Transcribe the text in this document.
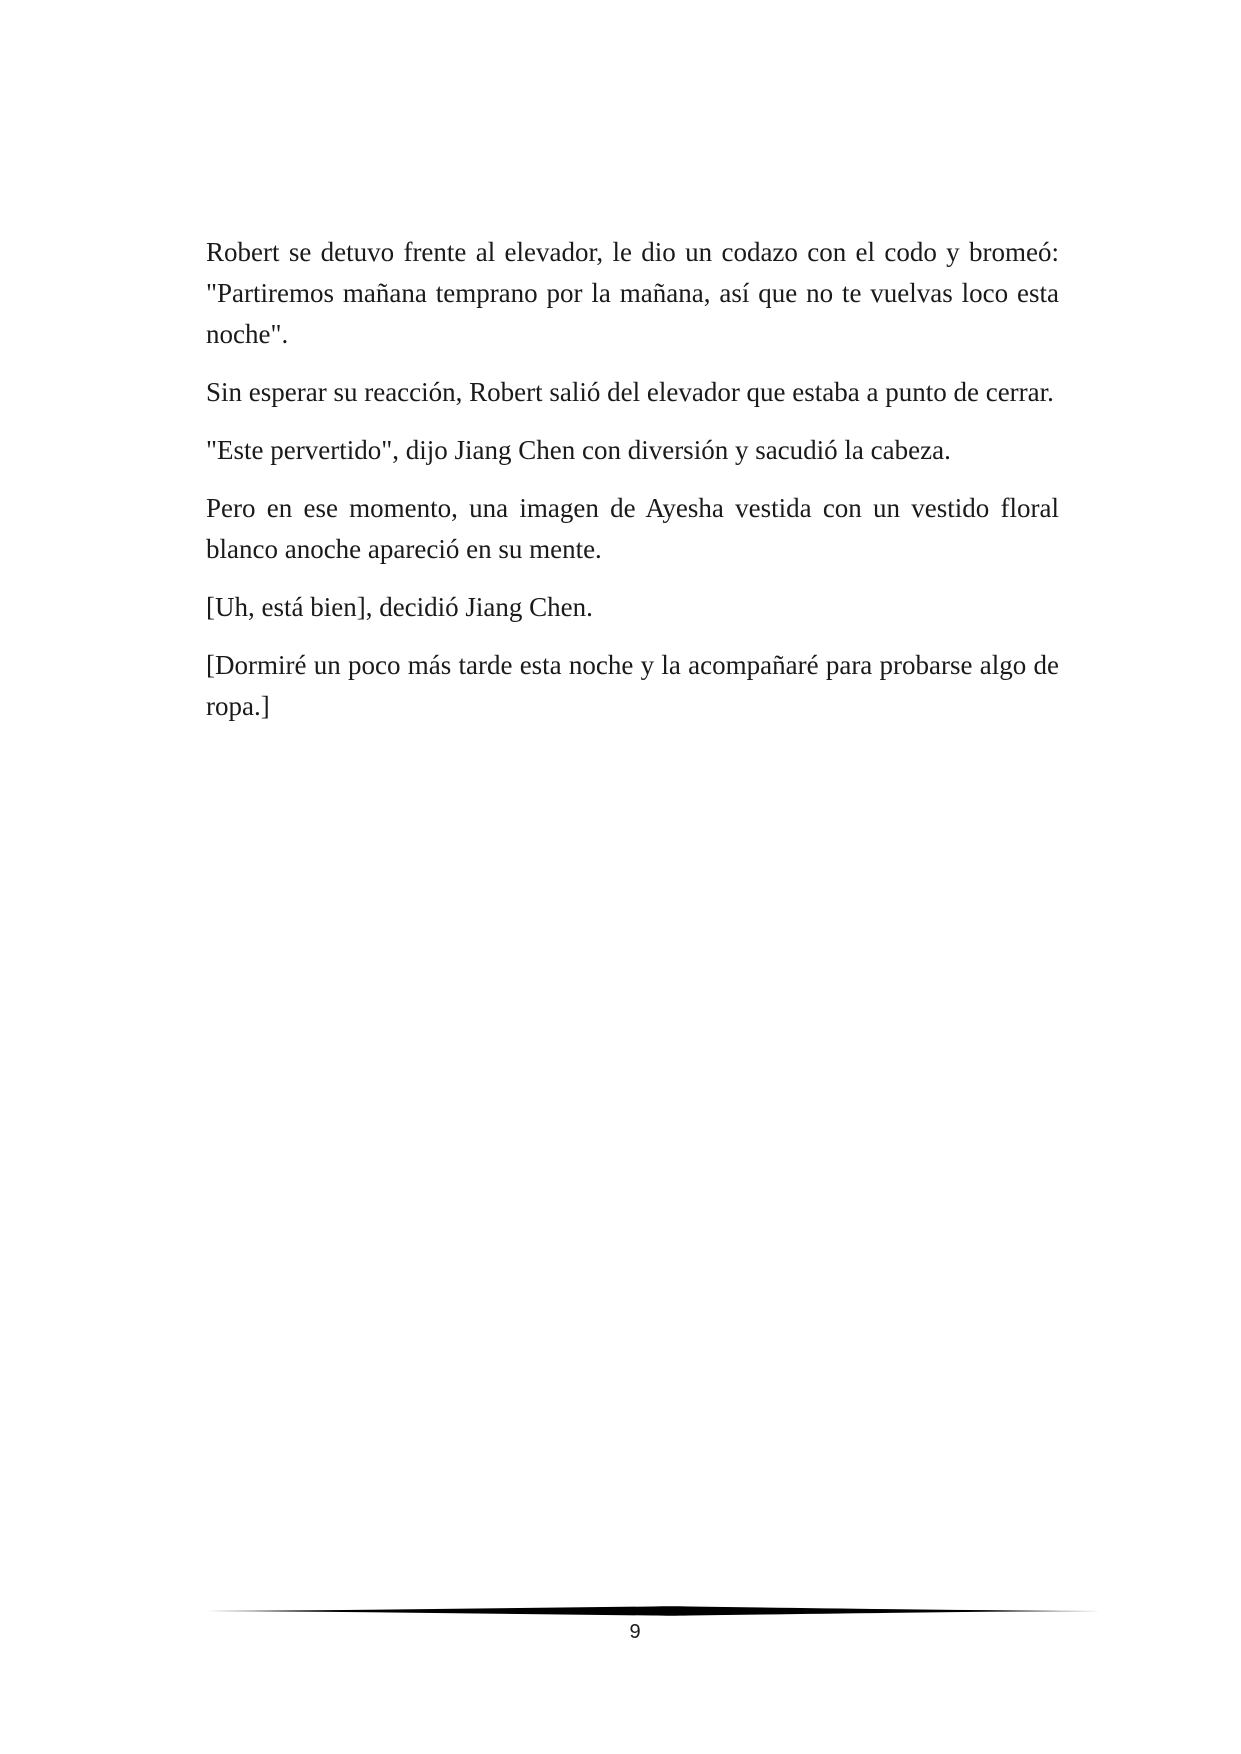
Robert se detuvo frente al elevador, le dio un codazo con el codo y bromeó: "Partiremos mañana temprano por la mañana, así que no te vuelvas loco esta noche".

Sin esperar su reacción, Robert salió del elevador que estaba a punto de cerrar.

"Este pervertido", dijo Jiang Chen con diversión y sacudió la cabeza.

Pero en ese momento, una imagen de Ayesha vestida con un vestido floral blanco anoche apareció en su mente.

[Uh, está bien], decidió Jiang Chen.

[Dormiré un poco más tarde esta noche y la acompañaré para probarse algo de ropa.]

9
